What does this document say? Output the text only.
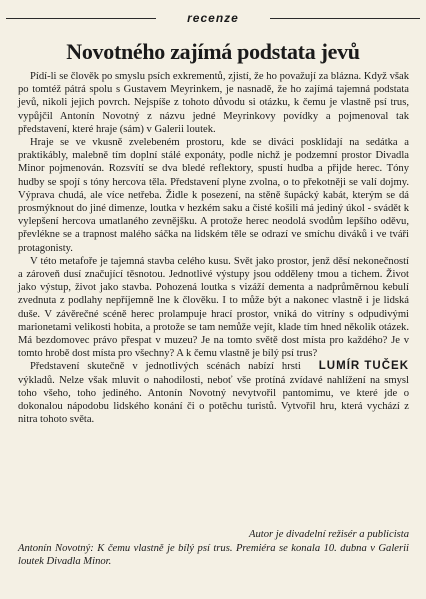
recenze
Novotného zajímá podstata jevů

Pídí-li se člověk po smyslu psích exkrementů, zjistí, že ho považují za blázna. Když však po tomtéž pátrá spolu s Gustavem Meyrinkem, je nasnadě, že ho zajímá tajemná podstata jevů, nikoli jejich povrch. Nejspíše z tohoto důvodu si otázku, k čemu je vlastně psí trus, vypůjčil Antonín Novotný z názvu jedné Meyrinkovy povídky a pojmenoval tak představení, které hraje (sám) v Galerii loutek.

Hraje se ve vkusně zvelebeném prostoru, kde se diváci posklídají na sedátka a praktikábly, malebně tím doplní stálé exponáty, podle nichž je podzemní prostor Divadla Minor pojmenován. Rozsvítí se dva bledé reflektory, spustí hudba a přijde herec. Tóny hudby se spojí s tóny hercova těla. Představení plyne zvolna, o to překotněji se valí dojmy. Výprava chudá, ale více netřeba. Židle k posezení, na stěně šupácký kabát, kterým se dá prosmýknout do jiné dimenze, loutka v hezkém saku a čisté košili má jediný úkol - svádět k vylepšení hercova umatlaného zevnějšku. A protože herec neodolá svodům lepšího oděvu, převlékne se a trapnost malého sáčka na lidském těle se odrazí ve smíchu diváků i ve tváři protagonisty.

V této metafoře je tajemná stavba celého kusu. Svět jako prostor, jenž děsí nekonečností a zároveň dusí značující těsnotou. Jednotlivé výstupy jsou odděleny tmou a tichem. Život jako výstup, život jako stavba. Pohozená loutka s vizáží dementa a nadprůměrnou kebulí zvednuta z podlahy nepříjemně lne k člověku. I to může být a nakonec vlastně i je lidská duše. V závěrečné scéně herec prolampuje hrací prostor, vniká do vitríny s odpudivými marionetami velikosti hobita, a protože se tam nemůže vejít, klade tím hned několik otázek. Má bezdomovec právo přespat v muzeu? Je na tomto světě dost místa pro každého? Je v tomto hrobě dost místa pro všechny? A k čemu vlastně je bílý psí trus?

LUMÍR TUČEK
Představení skutečně v jednotlivých scénách nabízí hrsti výkladů. Nelze však mluvit o nahodilosti, neboť vše protíná zvídavé nahlížení na smysl toho všeho, toho jediného. Antonín Novotný nevytvořil pantomimu, ve které jde o dokonalou nápodobu lidského konání či o potěchu turistů. Vytvořil hru, která vychází z nitra tohoto světa.

Autor je divadelní režisér a publicista
Antonín Novotný: K čemu vlastně je bílý psí trus. Premiéra se konala 10. dubna v Galerii loutek Divadla Minor.
